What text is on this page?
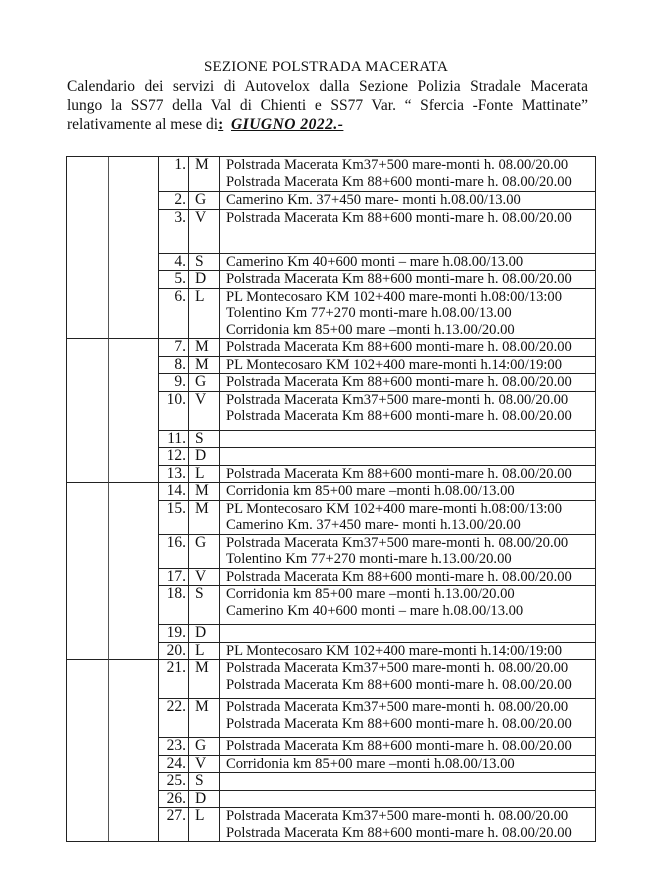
SEZIONE POLSTRADA MACERATA
Calendario dei servizi di Autovelox dalla Sezione Polizia Stradale Macerata
lungo la SS77 della Val di Chienti e SS77 Var. “ Sfercia -Fonte Mattinate”
relativamente al mese di: GIUGNO 2022.-
1. M	Polstrada Macerata Km37+500 mare-monti h. 08.00/20.00
Polstrada Macerata Km 88+600 monti-mare h. 08.00/20.00
2. G	Camerino Km. 37+450 mare- monti h.08.00/13.00
3. V	Polstrada Macerata Km 88+600 monti-mare h. 08.00/20.00
4. S	Camerino Km 40+600 monti – mare h.08.00/13.00
5. D	Polstrada Macerata Km 88+600 monti-mare h. 08.00/20.00
6. L	PL Montecosaro KM 102+400 mare-monti h.08:00/13:00
Tolentino Km 77+270 monti-mare h.08.00/13.00
Corridonia km 85+00 mare –monti h.13.00/20.00
7. M	Polstrada Macerata Km 88+600 monti-mare h. 08.00/20.00
8. M	PL Montecosaro KM 102+400 mare-monti h.14:00/19:00
9. G	Polstrada Macerata Km 88+600 monti-mare h. 08.00/20.00
10. V	Polstrada Macerata Km37+500 mare-monti h. 08.00/20.00
Polstrada Macerata Km 88+600 monti-mare h. 08.00/20.00
11. S
12. D
13. L	Polstrada Macerata Km 88+600 monti-mare h. 08.00/20.00
14. M	Corridonia km 85+00 mare –monti h.08.00/13.00
15. M	PL Montecosaro KM 102+400 mare-monti h.08:00/13:00
Camerino Km. 37+450 mare- monti h.13.00/20.00
16. G	Polstrada Macerata Km37+500 mare-monti h. 08.00/20.00
Tolentino Km 77+270 monti-mare h.13.00/20.00
17. V	Polstrada Macerata Km 88+600 monti-mare h. 08.00/20.00
18. S	Corridonia km 85+00 mare –monti h.13.00/20.00
Camerino Km 40+600 monti – mare h.08.00/13.00
19. D
20. L	PL Montecosaro KM 102+400 mare-monti h.14:00/19:00
21. M	Polstrada Macerata Km37+500 mare-monti h. 08.00/20.00
Polstrada Macerata Km 88+600 monti-mare h. 08.00/20.00
22. M	Polstrada Macerata Km37+500 mare-monti h. 08.00/20.00
Polstrada Macerata Km 88+600 monti-mare h. 08.00/20.00
23. G	Polstrada Macerata Km 88+600 monti-mare h. 08.00/20.00
24. V	Corridonia km 85+00 mare –monti h.08.00/13.00
25. S
26. D
27. L	Polstrada Macerata Km37+500 mare-monti h. 08.00/20.00
Polstrada Macerata Km 88+600 monti-mare h. 08.00/20.00
